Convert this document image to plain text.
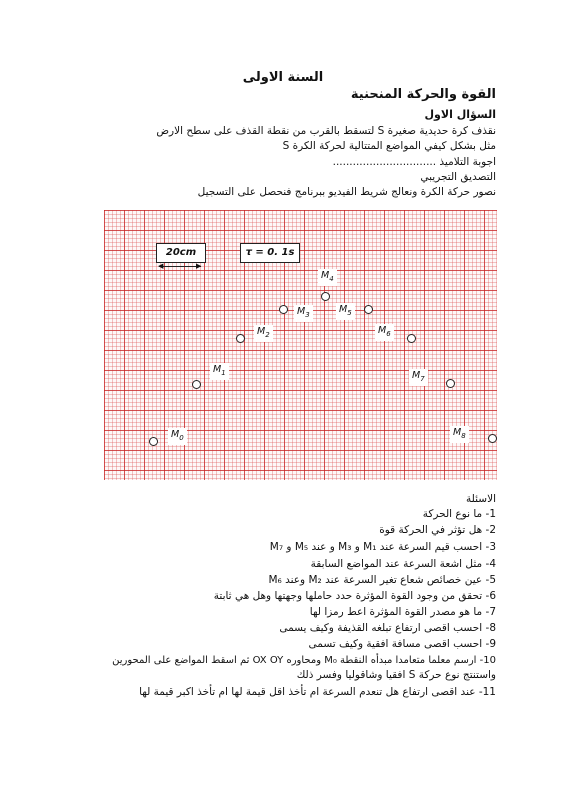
السنة الاولى
القوة والحركة المنحنية
السؤال الاول
نقذف كرة حديدية صغيرة S لتسقط بالقرب من نقطة القذف على سطح الارض
مثل بشكل كيفي المواضع المتتالية لحركة الكرة S
اجوبة التلاميذ ...............................
التصديق التجريبي
نصور حركة الكرة ونعالج شريط الفيديو ببرنامج فنحصل على التسجيل
20cm
◀	▶
τ = 0. 1s
$M_0$
$M_1$
$M_2$
$M_3$
$M_4$
$M_5$
$M_6$
$M_7$
$M_8$
الاسئلة
1- ما نوع الحركة
2- هل تؤثر في الحركة قوة
3- احسب قيم السرعة عند M₁ و M₃ و عند M₅ و M₇
4- مثل اشعة السرعة عند المواضع السابقة
5- عين خصائص شعاع تغير السرعة عند M₂ وعند M₆
6- تحقق من وجود القوة المؤثرة حدد حاملها وجهتها وهل هي ثابتة
7- ما هو مصدر القوة المؤثرة اعط رمزا لها
8- احسب اقصى ارتفاع تبلغه القذيفة وكيف يسمى
9- احسب اقصى مسافة افقية وكيف تسمى
10- ارسم معلما متعامدا مبدأه النقطة M₀ ومحاوره OX OY ثم اسقط المواضع على المحورين
واستنتج نوع حركة S افقيا وشاقوليا وفسر ذلك
11- عند اقصى ارتفاع هل تنعدم السرعة ام تأخذ اقل قيمة لها ام تأخذ اكبر قيمة لها
